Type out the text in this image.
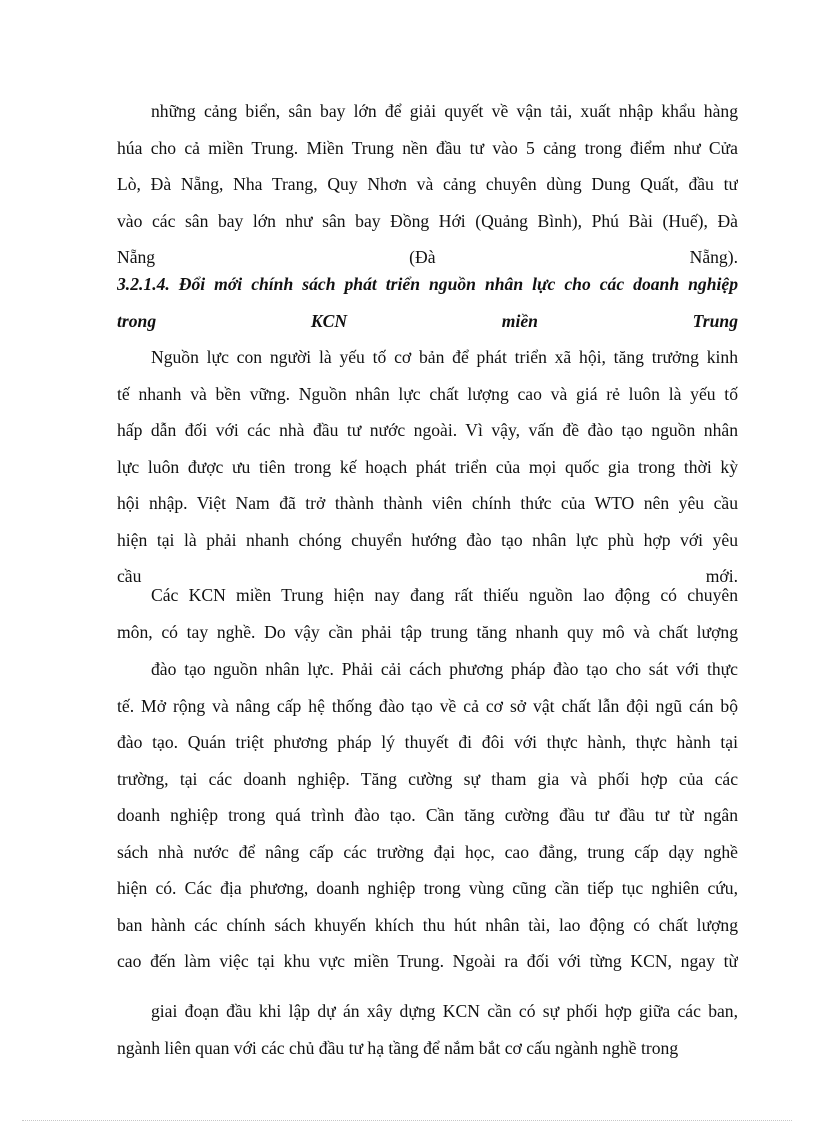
những cảng biển, sân bay lớn để giải quyết về vận tải, xuất nhập khẩu hàng
húa cho cả miền Trung. Miền Trung nền đầu tư vào 5 cảng trong điểm như Cửa
Lò, Đà Nẵng, Nha Trang, Quy Nhơn và cảng chuyên dùng Dung Quất, đầu tư
vào các sân bay lớn như sân bay Đồng Hới (Quảng Bình), Phú Bài (Huế), Đà
Nẵng (Đà Nẵng).
3.2.1.4. Đổi mới chính sách phát triển nguồn nhân lực cho các doanh nghiệp
trong KCN miền Trung
Nguồn lực con người là yếu tố cơ bản để phát triển xã hội, tăng trưởng kinh
tế nhanh và bền vững. Nguồn nhân lực chất lượng cao và giá rẻ luôn là yếu tố
hấp dẫn đối với các nhà đầu tư nước ngoài. Vì vậy, vấn đề đào tạo nguồn nhân
lực luôn được ưu tiên trong kế hoạch phát triển của mọi quốc gia trong thời kỳ
hội nhập. Việt Nam đã trở thành thành viên chính thức của WTO nên yêu cầu
hiện tại là phải nhanh chóng chuyển hướng đào tạo nhân lực phù hợp với yêu
cầu mới.
Các KCN miền Trung hiện nay đang rất thiếu nguồn lao động có chuyên
môn, có tay nghề. Do vậy cần phải tập trung tăng nhanh quy mô và chất lượng
đào tạo nguồn nhân lực. Phải cải cách phương pháp đào tạo cho sát với thực
tế. Mở rộng và nâng cấp hệ thống đào tạo về cả cơ sở vật chất lẫn đội ngũ cán bộ
đào tạo. Quán triệt phương pháp lý thuyết đi đôi với thực hành, thực hành tại
trường, tại các doanh nghiệp. Tăng cường sự tham gia và phối hợp của các
doanh nghiệp trong quá trình đào tạo. Cần tăng cường đầu tư đầu tư từ ngân
sách nhà nước để nâng cấp các trường đại học, cao đẳng, trung cấp dạy nghề
hiện có. Các địa phương, doanh nghiệp trong vùng cũng cần tiếp tục nghiên cứu,
ban hành các chính sách khuyến khích thu hút nhân tài, lao động có chất lượng
cao đến làm việc tại khu vực miền Trung. Ngoài ra đối với từng KCN, ngay từ
giai đoạn đầu khi lập dự án xây dựng KCN cần có sự phối hợp giữa các ban,
ngành liên quan với các chủ đầu tư hạ tầng để nắm bắt cơ cấu ngành nghề trong
